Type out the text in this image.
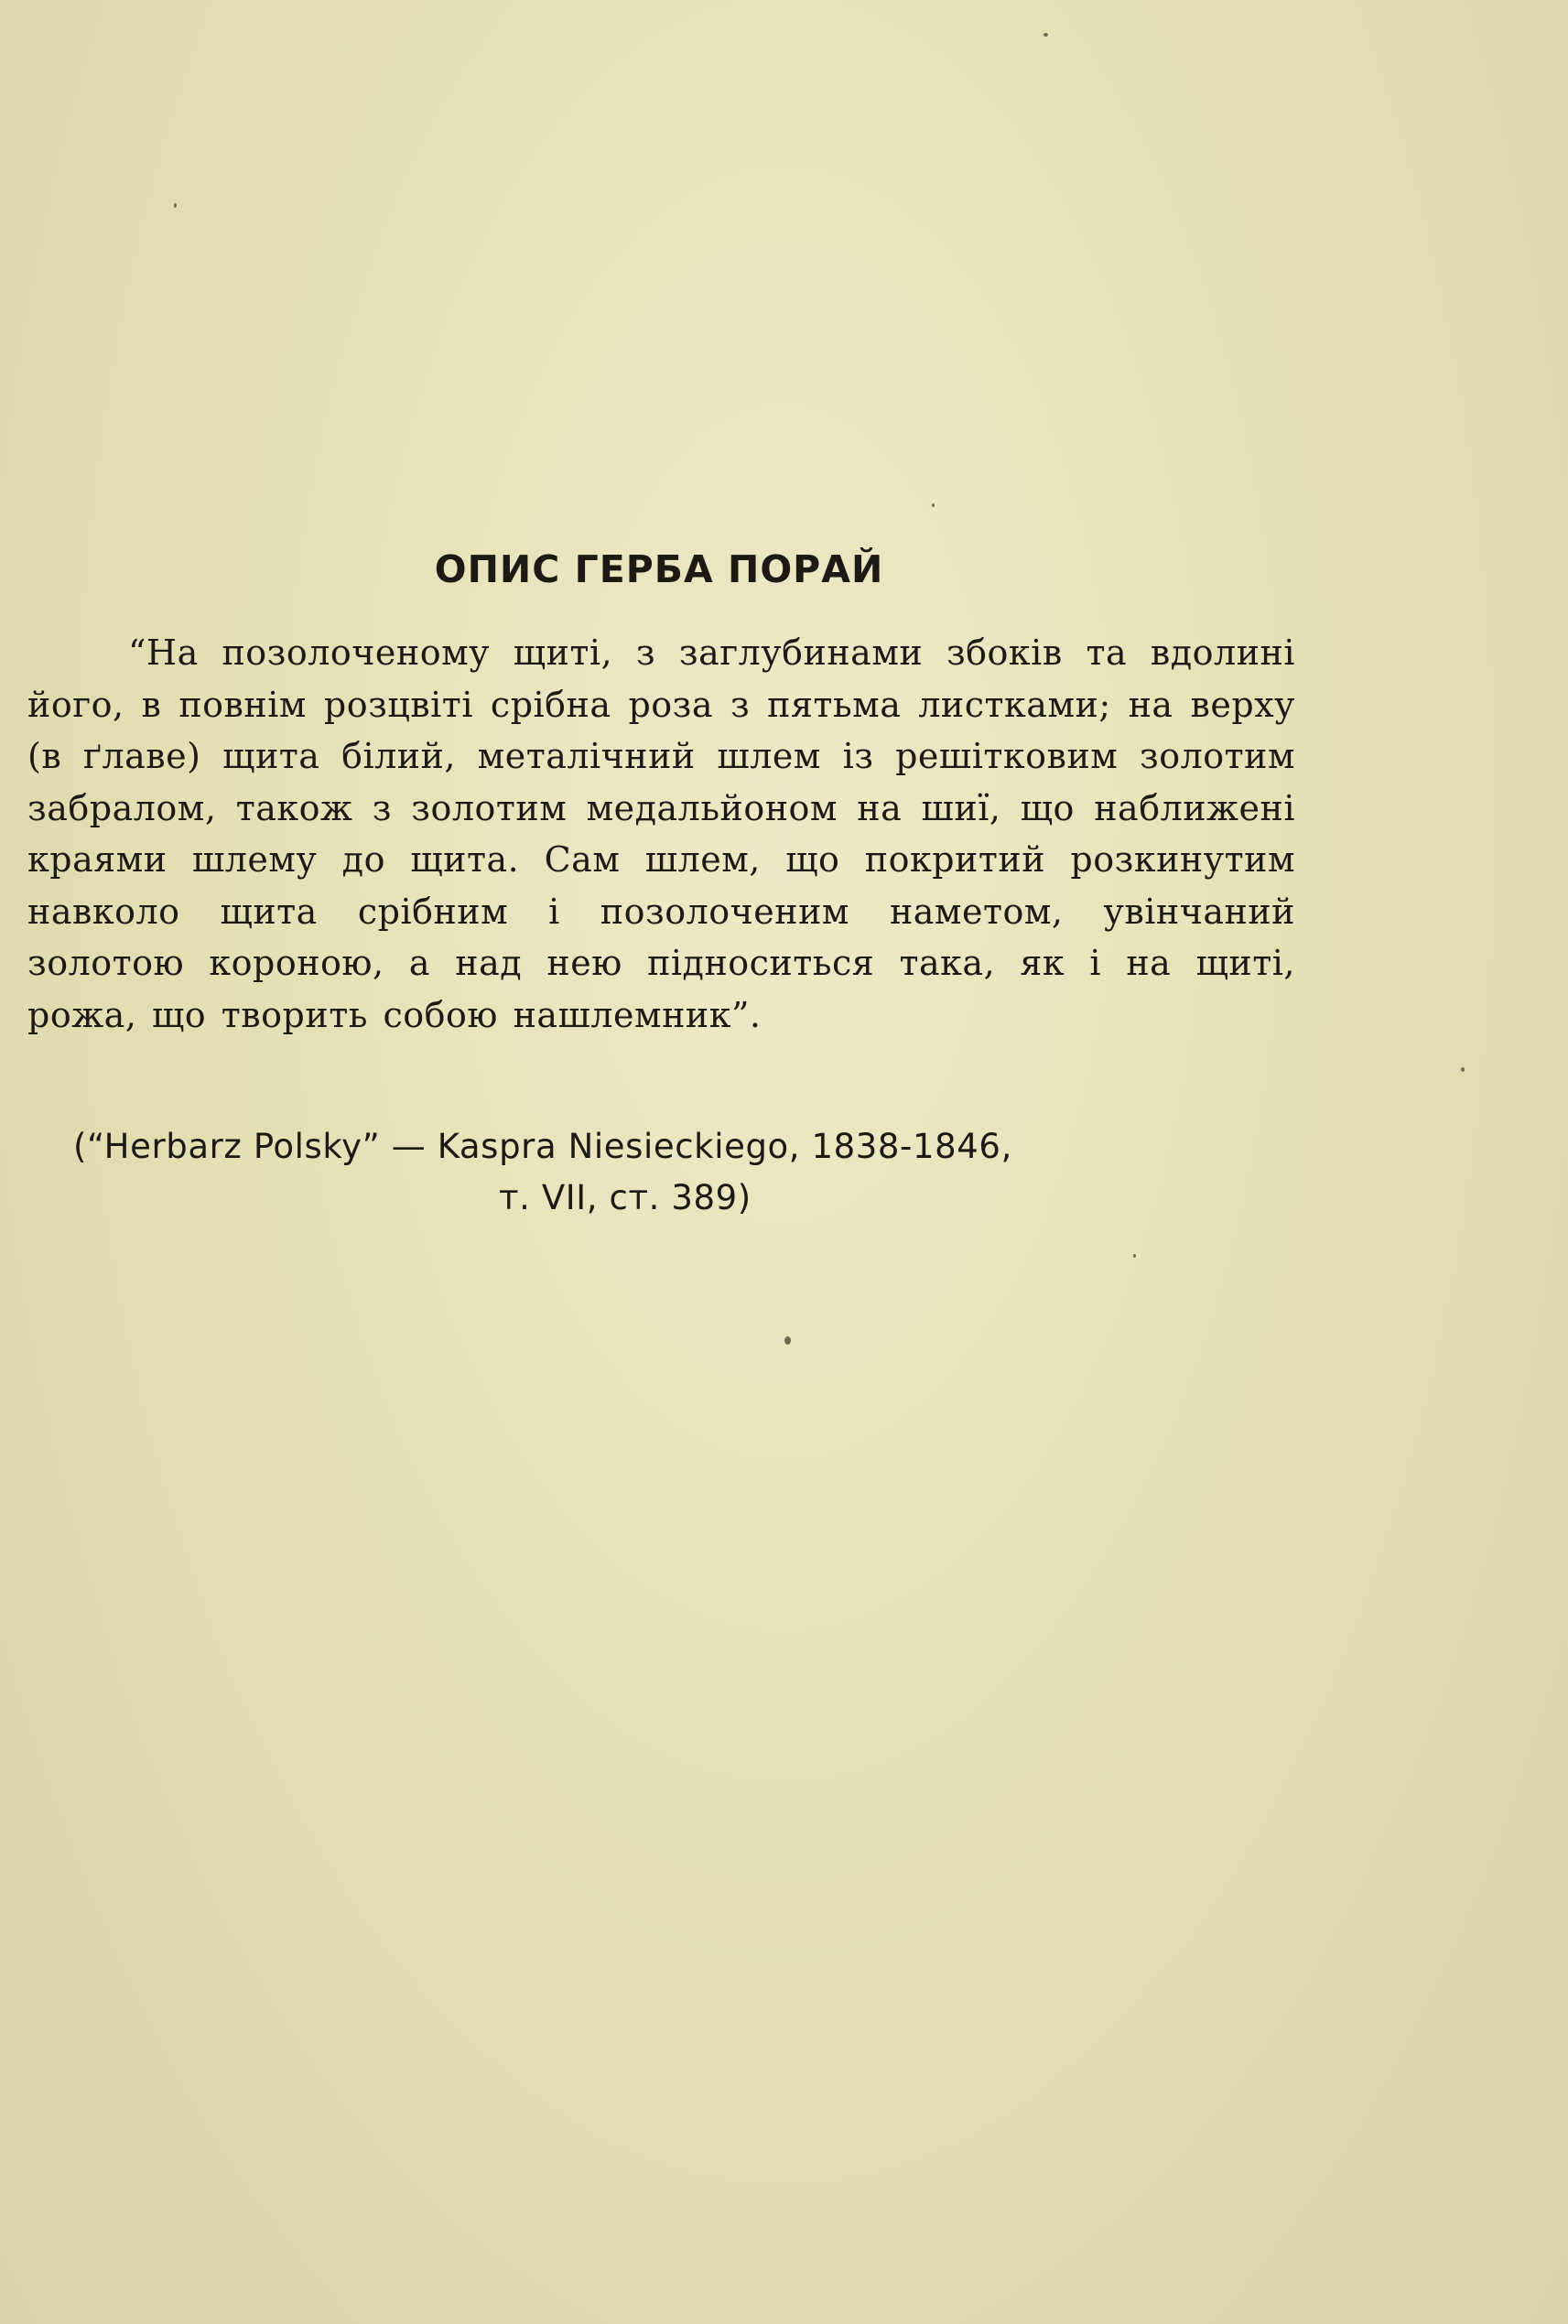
ОПИС ГЕРБА ПОРАЙ

“На позолоченому щиті, з заглубинами збоків та вдолині його, в повнім розцвіті срібна роза з пятьма листками; на верху (в ґлаве) щита білий, металічний шлем із решітковим золотим забралом, також з золотим медальйоном на шиї, що наближені краями шлему до щита. Сам шлем, що покритий розкинутим навколо щита срібним і позолоченим наметом, увінчаний золотою короною, а над нею підноситься така, як і на щиті, рожа, що творить собою нашлемник”.

(“Herbarz Polsky” — Kaspra Niesieckiego, 1838-1846,
т. VII, ст. 389)
